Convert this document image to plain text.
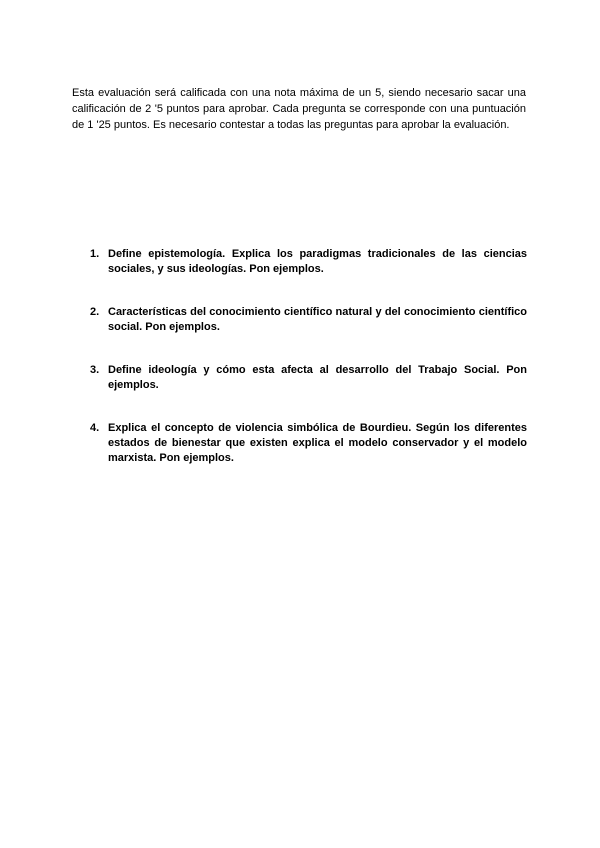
Esta evaluación será calificada con una nota máxima de un 5, siendo necesario sacar una calificación de 2 '5 puntos para aprobar. Cada pregunta se corresponde con una puntuación de 1 '25 puntos. Es necesario contestar a todas las preguntas para aprobar la evaluación.

1. Define epistemología. Explica los paradigmas tradicionales de las ciencias sociales, y sus ideologías. Pon ejemplos.
2. Características del conocimiento científico natural y del conocimiento científico social. Pon ejemplos.
3. Define ideología y cómo esta afecta al desarrollo del Trabajo Social. Pon ejemplos.
4. Explica el concepto de violencia simbólica de Bourdieu. Según los diferentes estados de bienestar que existen explica el modelo conservador y el modelo marxista. Pon ejemplos.
